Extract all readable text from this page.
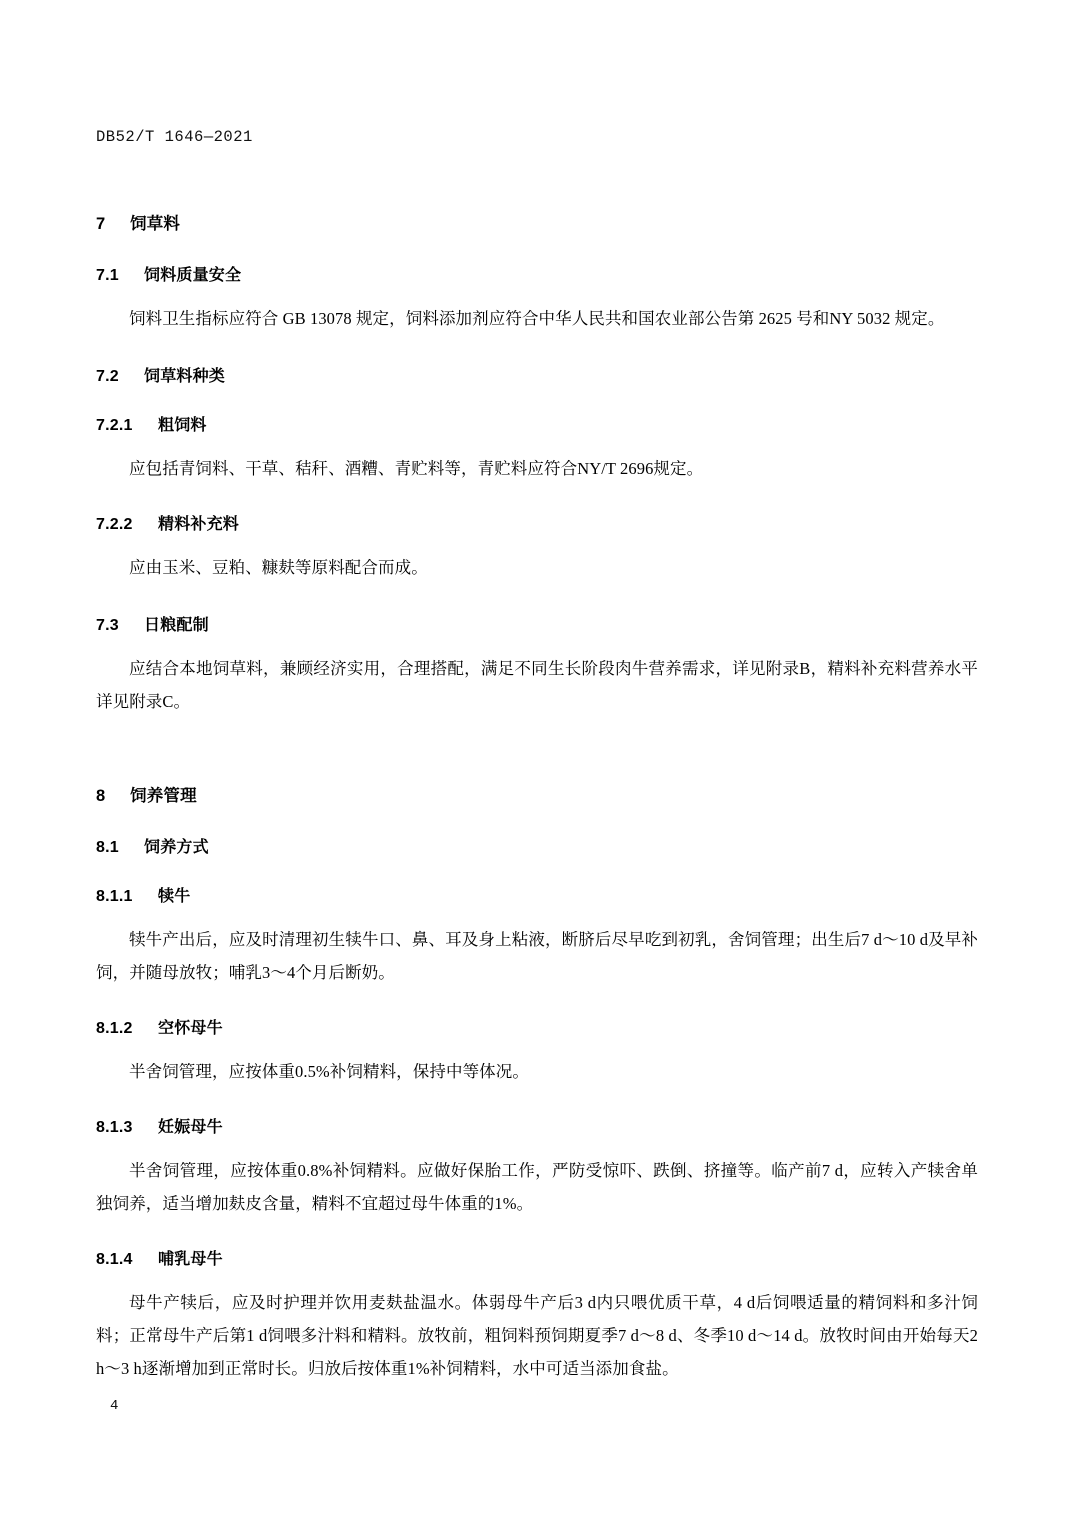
DB52/T 1646—2021
7 饲草料
7.1 饲料质量安全

饲料卫生指标应符合 GB 13078 规定，饲料添加剂应符合中华人民共和国农业部公告第 2625 号和NY 5032 规定。

7.2 饲草料种类
7.2.1 粗饲料

应包括青饲料、干草、秸秆、酒糟、青贮料等，青贮料应符合NY/T 2696规定。

7.2.2 精料补充料

应由玉米、豆粕、糠麸等原料配合而成。

7.3 日粮配制

应结合本地饲草料，兼顾经济实用，合理搭配，满足不同生长阶段肉牛营养需求，详见附录B，精料补充料营养水平详见附录C。

8 饲养管理
8.1 饲养方式
8.1.1 犊牛

犊牛产出后，应及时清理初生犊牛口、鼻、耳及身上粘液，断脐后尽早吃到初乳，舍饲管理；出生后7 d～10 d及早补饲，并随母放牧；哺乳3～4个月后断奶。

8.1.2 空怀母牛

半舍饲管理，应按体重0.5%补饲精料，保持中等体况。

8.1.3 妊娠母牛

半舍饲管理，应按体重0.8%补饲精料。应做好保胎工作，严防受惊吓、跌倒、挤撞等。临产前7 d，应转入产犊舍单独饲养，适当增加麸皮含量，精料不宜超过母牛体重的1%。

8.1.4 哺乳母牛

母牛产犊后，应及时护理并饮用麦麸盐温水。体弱母牛产后3 d内只喂优质干草，4 d后饲喂适量的精饲料和多汁饲料；正常母牛产后第1 d饲喂多汁料和精料。放牧前，粗饲料预饲期夏季7 d～8 d、冬季10 d～14 d。放牧时间由开始每天2 h～3 h逐渐增加到正常时长。归放后按体重1%补饲精料，水中可适当添加食盐。

4
